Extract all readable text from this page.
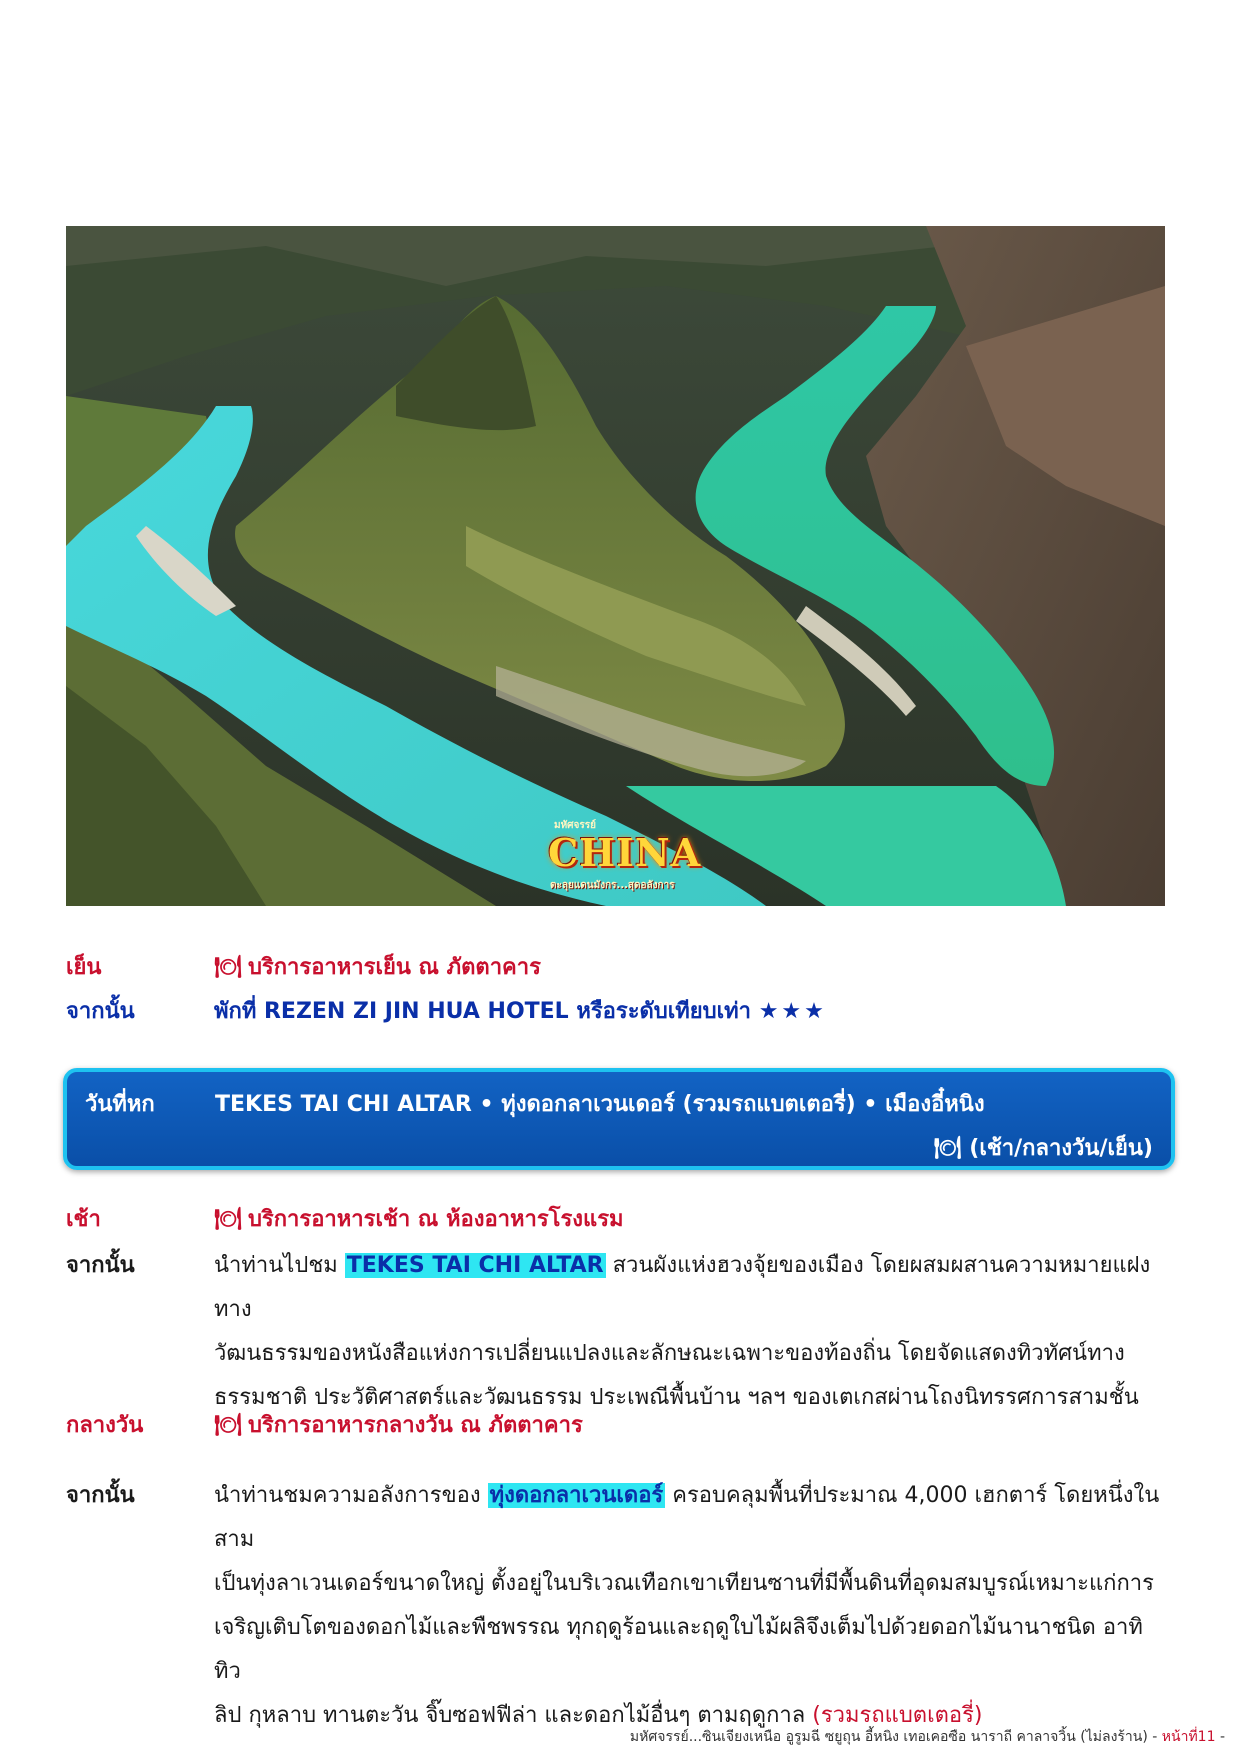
มหัศจรรย์
CHINA
ตะลุยแดนมังกร...สุดอลังการ
เย็น	🍽 บริการอาหารเย็น ณ ภัตตาคาร
จากนั้น	พักที่ REZEN ZI JIN HUA HOTEL หรือระดับเทียบเท่า ★★★
วันที่หก	TEKES TAI CHI ALTAR • ทุ่งดอกลาเวนเดอร์ (รวมรถแบตเตอรี่) • เมืองอี๋หนิง
🍽 (เช้า/กลางวัน/เย็น)
เช้า	🍽 บริการอาหารเช้า ณ ห้องอาหารโรงแรม
จากนั้น	นำท่านไปชม TEKES TAI CHI ALTAR สวนผังแห่งฮวงจุ้ยของเมือง โดยผสมผสานความหมายแฝงทาง
วัฒนธรรมของหนังสือแห่งการเปลี่ยนแปลงและลักษณะเฉพาะของท้องถิ่น โดยจัดแสดงทิวทัศน์ทาง
ธรรมชาติ ประวัติศาสตร์และวัฒนธรรม ประเพณีพื้นบ้าน ฯลฯ ของเตเกสผ่านโถงนิทรรศการสามชั้น
กลางวัน	🍽 บริการอาหารกลางวัน ณ ภัตตาคาร
จากนั้น	นำท่านชมความอลังการของ ทุ่งดอกลาเวนเดอร์ ครอบคลุมพื้นที่ประมาณ 4,000 เฮกตาร์ โดยหนึ่งในสาม
เป็นทุ่งลาเวนเดอร์ขนาดใหญ่ ตั้งอยู่ในบริเวณเทือกเขาเทียนซานที่มีพื้นดินที่อุดมสมบูรณ์เหมาะแก่การ
เจริญเติบโตของดอกไม้และพืชพรรณ ทุกฤดูร้อนและฤดูใบไม้ผลิจึงเต็มไปด้วยดอกไม้นานาชนิด อาทิ ทิว
ลิป กุหลาบ ทานตะวัน จิ๊บซอฟฟีล่า และดอกไม้อื่นๆ ตามฤดูกาล (รวมรถแบตเตอรี่)
มหัศจรรย์...ซินเจียงเหนือ อูรูมฉี ซยูถุน อี้หนิง เทอเคอซือ นาราถี คาลาจวิ้น (ไม่ลงร้าน) - หน้าที่11 -
